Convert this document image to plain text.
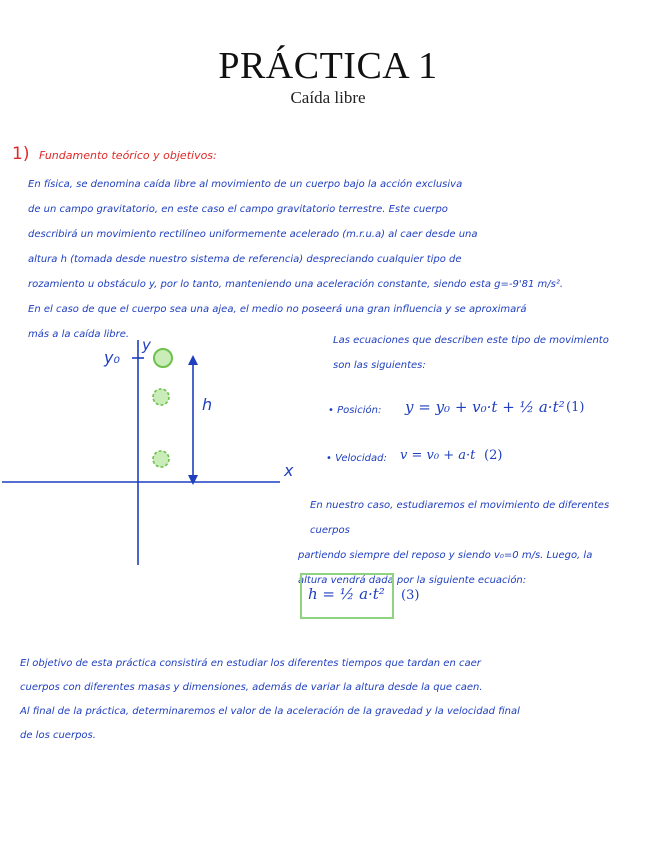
PRÁCTICA 1
Caída libre
1) Fundamento teórico y objetivos:

En física, se denomina caída libre al movimiento de un cuerpo bajo la acción exclusiva

de un campo gravitatorio, en este caso el campo gravitatorio terrestre. Este cuerpo

describirá un movimiento rectilíneo uniformemente acelerado (m.r.u.a) al caer desde una

altura h (tomada desde nuestro sistema de referencia) despreciando cualquier tipo de

rozamiento u obstáculo y, por lo tanto, manteniendo una aceleración constante, siendo esta g=-9'81 m/s².

En el caso de que el cuerpo sea una ajea, el medio no poseerá una gran influencia y se aproximará

más a la caída libre.

y₀
y
h
x
Las ecuaciones que describen este tipo de movimiento
son las siguientes:
• Posición: y = y₀ + v₀·t + ½ a·t² (1)
• Velocidad: v = v₀ + a·t (2)
En nuestro caso, estudiaremos el movimiento de diferentes cuerpos
partiendo siempre del reposo y siendo v₀=0 m/s. Luego, la
altura vendrá dada por la siguiente ecuación:
h = ½ a·t² (3)

El objetivo de esta práctica consistirá en estudiar los diferentes tiempos que tardan en caer

cuerpos con diferentes masas y dimensiones, además de variar la altura desde la que caen.

Al final de la práctica, determinaremos el valor de la aceleración de la gravedad y la velocidad final

de los cuerpos.
